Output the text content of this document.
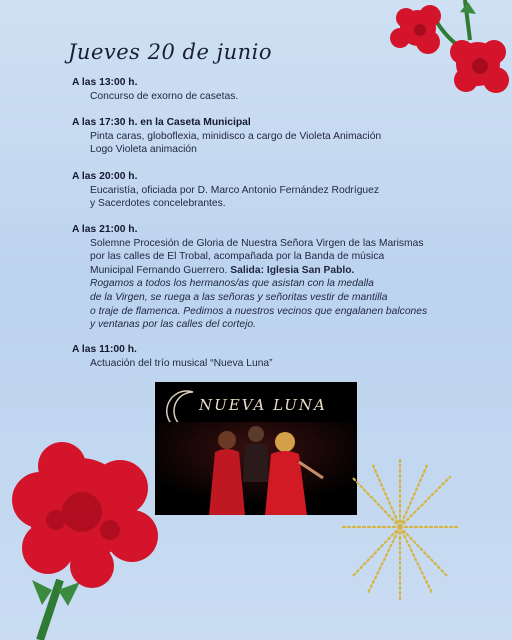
Jueves 20 de junio
A las 13:00 h.
Concurso de exorno de casetas.
A las 17:30 h. en la Caseta Municipal
Pinta caras, globoflexia, minidisco a cargo de Violeta Animación
Logo Violeta animación
A las 20:00 h.
Eucaristía, oficiada por D. Marco Antonio Fernández Rodríguez
y Sacerdotes concelebrantes.
A las 21:00 h.
Solemne Procesión de Gloria de Nuestra Señora Virgen de las Marismas
por las calles de El Trobal, acompañada por la Banda de música
Municipal Fernando Guerrero. Salida: Iglesia San Pablo.
Rogamos a todos los hermanos/as que asistan con la medalla
de la Virgen, se ruega a las señoras y señoritas vestir de mantilla
o traje de flamenca. Pedimos a nuestros vecinos que engalanen balcones
y ventanas por las calles del cortejo.
A las 11:00 h.
Actuación del trío musical “Nueva Luna”
NUEVA LUNA
